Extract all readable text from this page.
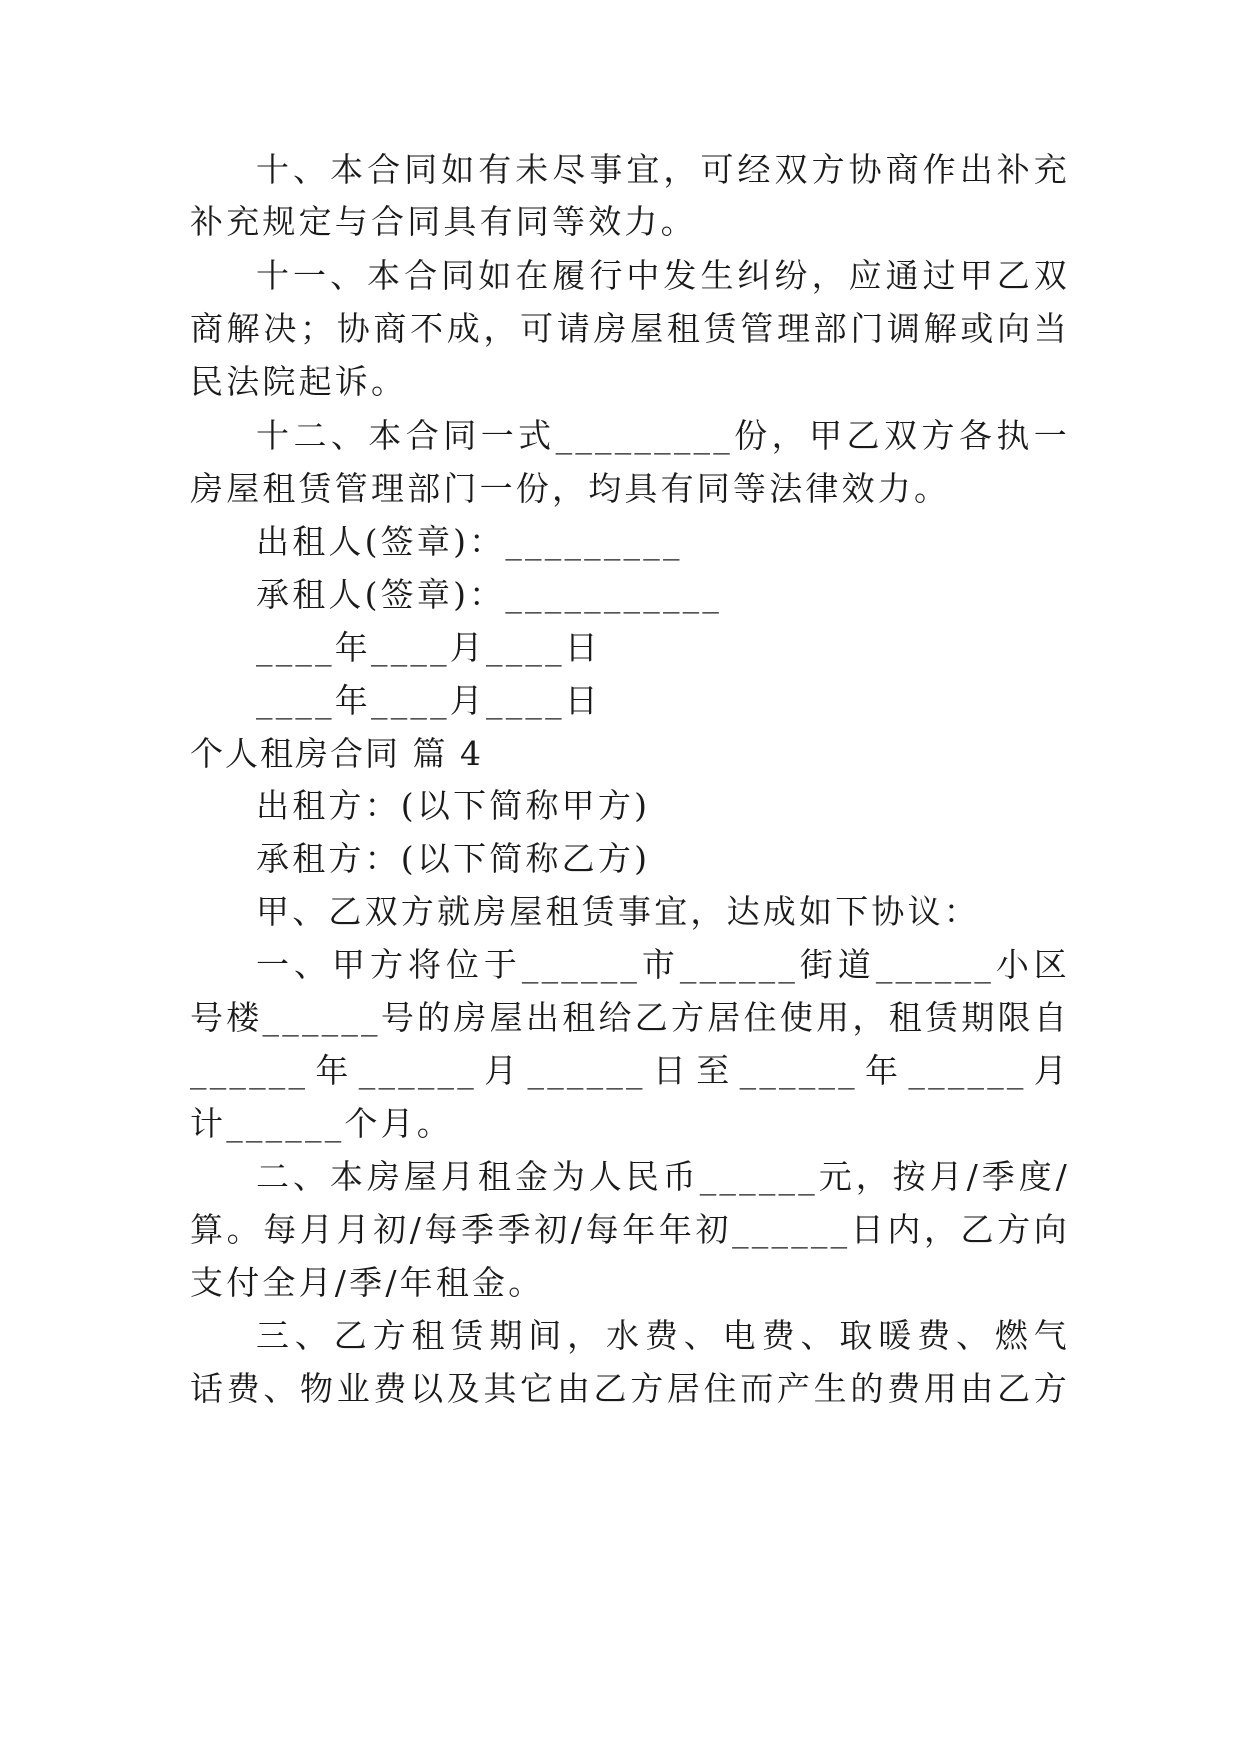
十、本合同如有未尽事宜，可经双方协商作出补充
补充规定与合同具有同等效力。
十一、本合同如在履行中发生纠纷，应通过甲乙双
商解决；协商不成，可请房屋租赁管理部门调解或向当
民法院起诉。
十二、本合同一式_________份，甲乙双方各执一
房屋租赁管理部门一份，均具有同等法律效力。
出租人(签章)：_________
承租人(签章)：___________
____年____月____日
____年____月____日
个人租房合同 篇 4
出租方：(以下简称甲方)
承租方：(以下简称乙方)
甲、乙双方就房屋租赁事宜，达成如下协议：
一、甲方将位于______市______街道______小区
号楼______号的房屋出租给乙方居住使用，租赁期限自
______年______月______日至______年______月
计______个月。
二、本房屋月租金为人民币______元，按月/季度/
算。每月月初/每季季初/每年年初______日内，乙方向
支付全月/季/年租金。
三、乙方租赁期间，水费、电费、取暖费、燃气
话费、物业费以及其它由乙方居住而产生的费用由乙方
